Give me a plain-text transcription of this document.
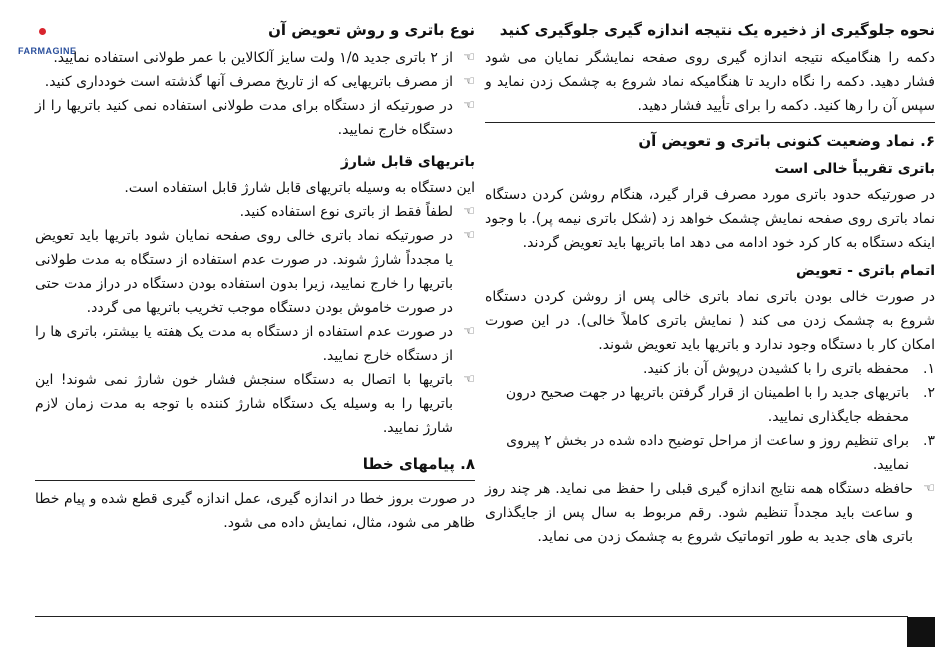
FARMAGINE
نحوه جلوگیری از ذخیره یک نتیجه اندازه گیری جلوگیری کنید

دکمه را هنگامیکه نتیجه اندازه گیری روی صفحه نمایشگر نمایان می شود فشار دهید. دکمه را نگاه دارید تا هنگامیکه نماد شروع به چشمک زدن نماید و سپس آن را رها کنید. دکمه را برای تأیید فشار دهید.

۶. نماد وضعیت کنونی باتری و تعویض آن
باتری تقریباً خالی است

در صورتیکه حدود باتری مورد مصرف قرار گیرد، هنگام روشن کردن دستگاه نماد باتری روی صفحه نمایش چشمک خواهد زد (شکل باتری نیمه پر). با وجود اینکه دستگاه به کار کرد خود ادامه می دهد اما باتریها باید تعویض گردند.

اتمام باتری - تعویض

در صورت خالی بودن باتری نماد باتری خالی پس از روشن کردن دستگاه شروع به چشمک زدن می کند ( نمایش باتری کاملاً خالی). در این صورت امکان کار با دستگاه وجود ندارد و باتریها باید تعویض شوند.

۱.
محفظه باتری را با کشیدن درپوش آن باز کنید.
۲.
باتریهای جدید را با اطمینان از قرار گرفتن باتریها در جهت صحیح درون محفظه جایگذاری نمایید.
۳.
برای تنظیم روز و ساعت از مراحل توضیح داده شده در بخش ۲ پیروی نمایید.
☜
حافظه دستگاه همه نتایج اندازه گیری قبلی را حفظ می نماید. هر چند روز و ساعت باید مجدداً تنظیم شود. رقم مربوط به سال پس از جایگذاری باتری های جدید به طور اتوماتیک شروع به چشمک زدن می نماید.
نوع باتری و روش تعویض آن
☜
از ۲ باتری جدید ۱/۵ ولت سایز آلکالاین با عمر طولانی استفاده نمایید.
☜
از مصرف باتریهایی که از تاریخ مصرف آنها گذشته است خودداری کنید.
☜
در صورتیکه از دستگاه برای مدت طولانی استفاده نمی کنید باتریها را از دستگاه خارج نمایید.
باتریهای قابل شارژ

این دستگاه به وسیله باتریهای قابل شارژ قابل استفاده است.

☜
لطفاً فقط از باتری نوع استفاده کنید.
☜
در صورتیکه نماد باتری خالی روی صفحه نمایان شود باتریها باید تعویض یا مجدداً شارژ شوند. در صورت عدم استفاده از دستگاه به مدت طولانی باتریها را خارج نمایید، زیرا بدون استفاده بودن دستگاه در دراز مدت حتی در صورت خاموش بودن دستگاه موجب تخریب باتریها می گردد.
☜
در صورت عدم استفاده از دستگاه به مدت یک هفته یا بیشتر، باتری ها را از دستگاه خارج نمایید.
☜
باتریها با اتصال به دستگاه سنجش فشار خون شارژ نمی شوند! این باتریها را به وسیله یک دستگاه شارژ کننده با توجه به مدت زمان لازم شارژ نمایید.
۸. پیامهای خطا

در صورت بروز خطا در اندازه گیری، عمل اندازه گیری قطع شده و پیام خطا ظاهر می شود، مثال، نمایش داده می شود.
